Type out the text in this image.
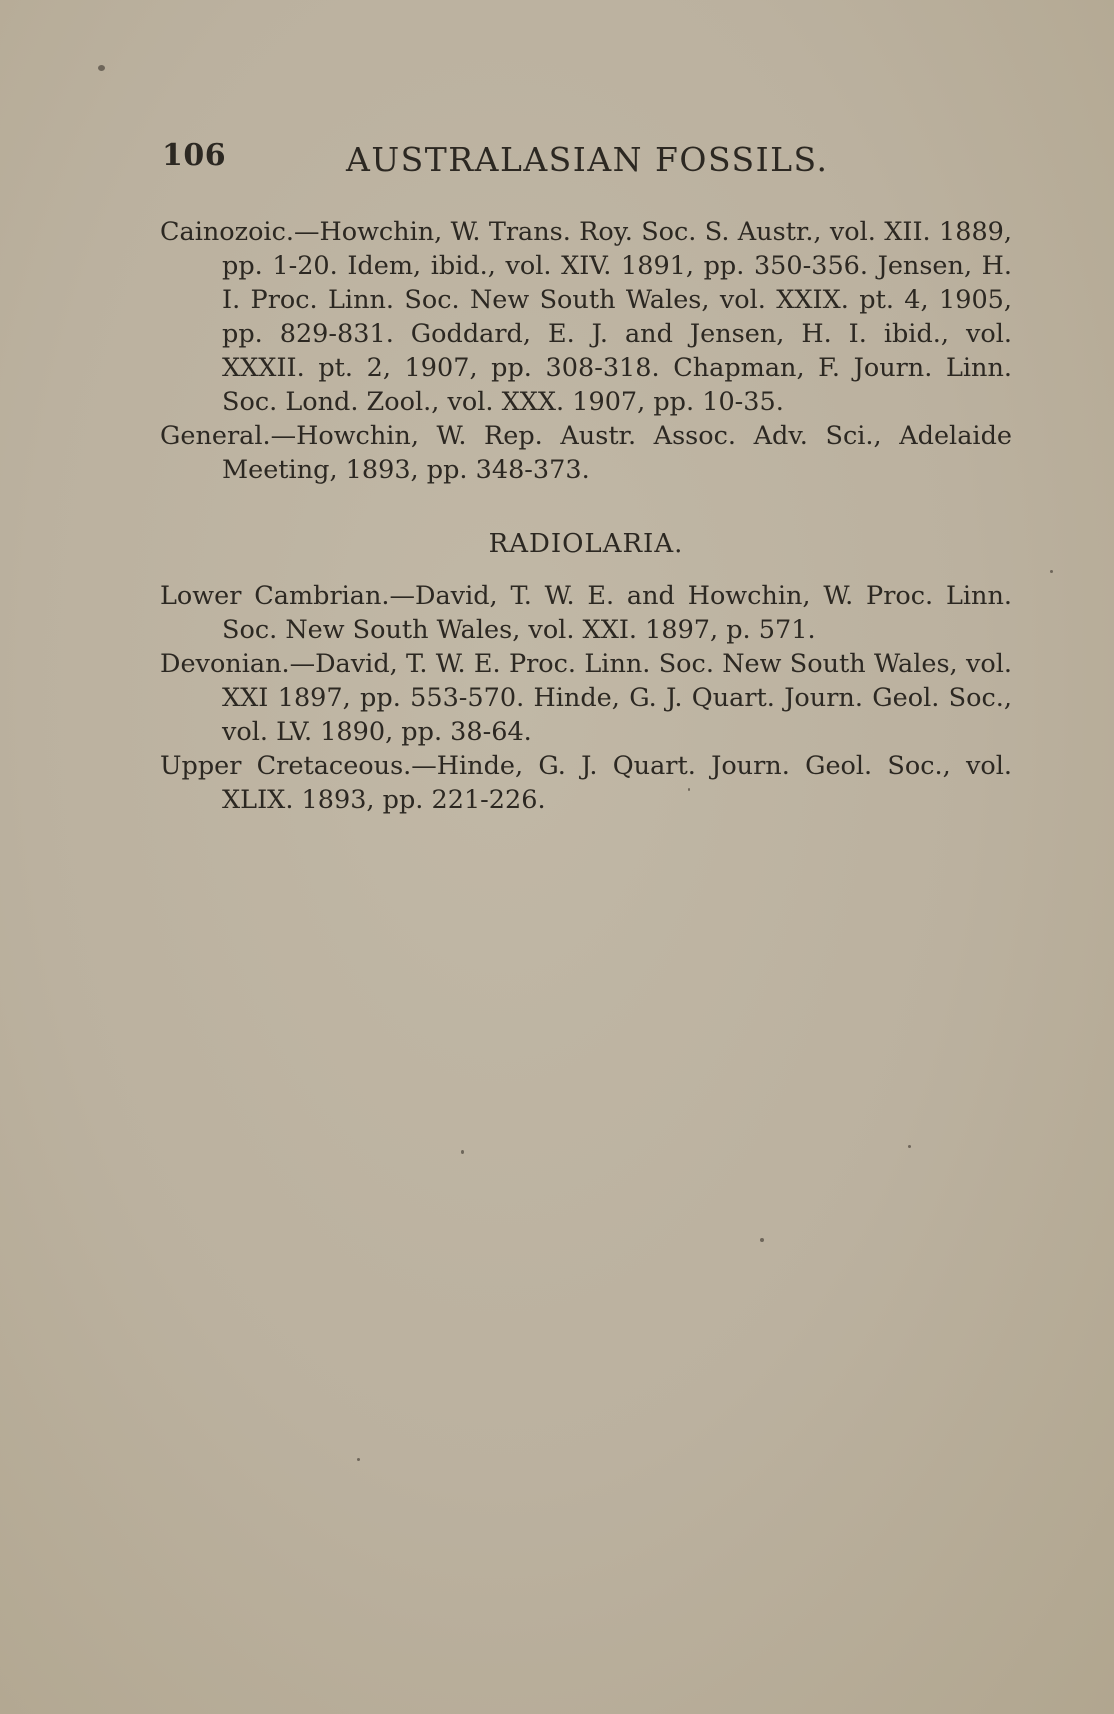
106	AUSTRALASIAN FOSSILS.

Cainozoic.—Howchin, W. Trans. Roy. Soc. S. Austr., vol. XII. 1889, pp. 1-20. Idem, ibid., vol. XIV. 1891, pp. 350-356. Jensen, H. I. Proc. Linn. Soc. New South Wales, vol. XXIX. pt. 4, 1905, pp. 829-831. Goddard, E. J. and Jensen, H. I. ibid., vol. XXXII. pt. 2, 1907, pp. 308-318. Chapman, F. Journ. Linn. Soc. Lond. Zool., vol. XXX. 1907, pp. 10-35.

General.—Howchin, W. Rep. Austr. Assoc. Adv. Sci., Adelaide Meeting, 1893, pp. 348-373.

RADIOLARIA.

Lower Cambrian.—David, T. W. E. and Howchin, W. Proc. Linn. Soc. New South Wales, vol. XXI. 1897, p. 571.

Devonian.—David, T. W. E. Proc. Linn. Soc. New South Wales, vol. XXI 1897, pp. 553-570. Hinde, G. J. Quart. Journ. Geol. Soc., vol. LV. 1890, pp. 38-64.

Upper Cretaceous.—Hinde, G. J. Quart. Journ. Geol. Soc., vol. XLIX. 1893, pp. 221-226.
